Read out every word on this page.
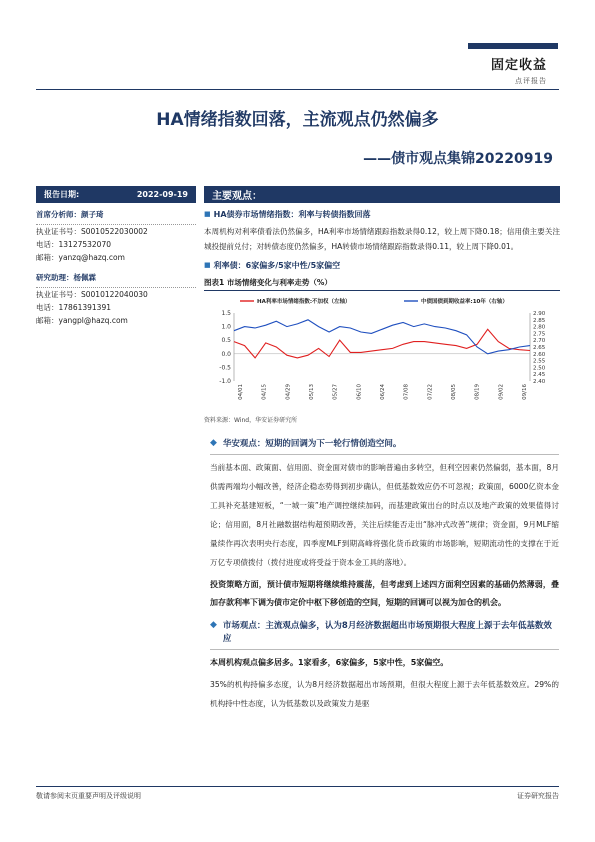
固定收益
点评报告
HA情绪指数回落，主流观点仍然偏多
——债市观点集锦20220919
报告日期:	2022-09-19
首席分析师：颜子琦
执业证书号：S0010522030002
电话：13127532070
邮箱：yanzq@hazq.com
研究助理：杨佩霖
执业证书号：S0010122040030
电话：17861391391
邮箱：yangpl@hazq.com
主要观点：
■ HA债券市场情绪指数：利率与转债指数回落
本周机构对利率债看法仍然偏多，HA利率市场情绪跟踪指数录得0.12，较上周下降0.18；信用债主要关注城投提前兑付；对转债态度仍然偏多，HA转债市场情绪跟踪指数录得0.11，较上周下降0.01。
■ 利率债：6家偏多/5家中性/5家偏空
图表1 市场情绪变化与利率走势（%）
1.5
1.0
0.5
0.0
-0.5
-1.0
2.90
2.85
2.80
2.75
2.70
2.65
2.60
2.55
2.50
2.45
2.40
04/01	04/15	04/29	05/13	05/27	06/10	06/24	07/08	07/22	08/05	08/19	09/02	09/16
HA利率市场情绪指数:不加权（左轴）	中债国债到期收益率:10年（右轴）
资料来源：Wind，华安证券研究所
◆ 华安观点：短期的回调为下一轮行情创造空间。
当前基本面、政策面、信用面、资金面对债市的影响普遍由多转空，但利空因素仍然偏弱，基本面，8月供需两端均小幅改善，经济企稳态势得到初步确认，但低基数效应仍不可忽视；政策面，6000亿资本金工具补充基建短板，“一城一策”地产调控继续加码，而基建政策出台的时点以及地产政策的效果值得讨论；信用面，8月社融数据结构超预期改善，关注后续能否走出“脉冲式改善”规律；资金面，9月MLF缩量续作再次表明央行态度，四季度MLF到期高峰将强化货币政策的市场影响，短期流动性的支撑在于近万亿专项债拨付（拨付进度或将受益于资本金工具的落地）。
投资策略方面，预计债市短期将继续维持震荡，但考虑到上述四方面利空因素的基础仍然薄弱，叠加存款利率下调为债市定价中枢下移创造的空间，短期的回调可以视为加仓的机会。
◆ 市场观点：主流观点偏多，认为8月经济数据超出市场预期很大程度上源于去年低基数效应
本周机构观点偏多居多。1家看多，6家偏多，5家中性，5家偏空。
35%的机构持偏多态度，认为8月经济数据超出市场预期，但很大程度上源于去年低基数效应。29%的机构持中性态度，认为低基数以及政策发力是驱
敬请参阅末页重要声明及评级说明	证券研究报告
